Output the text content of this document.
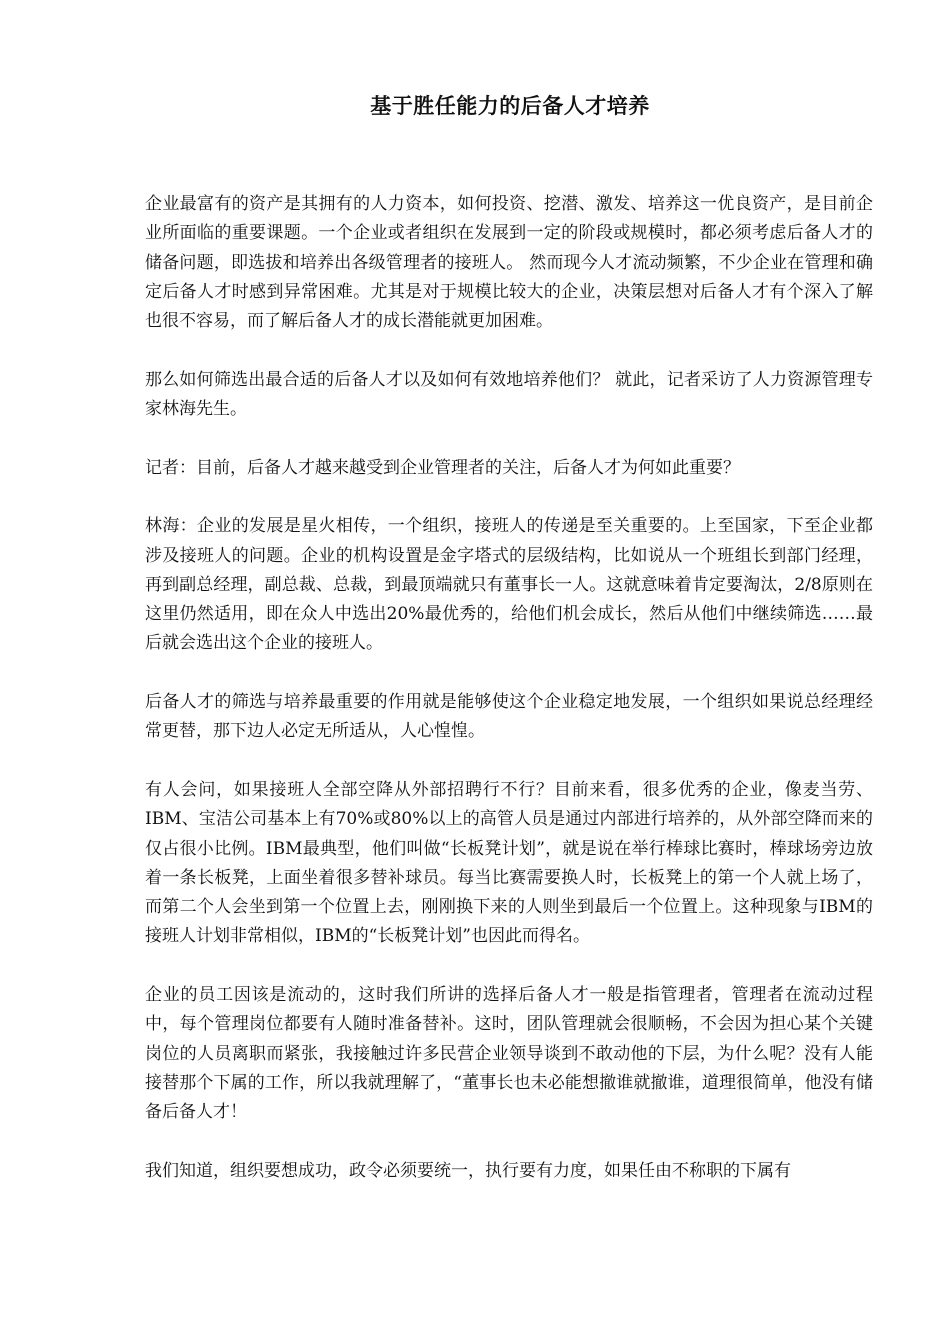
基于胜任能力的后备人才培养

企业最富有的资产是其拥有的人力资本，如何投资、挖潜、激发、培养这一优良资产，是目前企业所面临的重要课题。一个企业或者组织在发展到一定的阶段或规模时，都必须考虑后备人才的储备问题，即选拔和培养出各级管理者的接班人。 然而现今人才流动频繁，不少企业在管理和确定后备人才时感到异常困难。尤其是对于规模比较大的企业，决策层想对后备人才有个深入了解也很不容易，而了解后备人才的成长潜能就更加困难。

那么如何筛选出最合适的后备人才以及如何有效地培养他们？ 就此，记者采访了人力资源管理专家林海先生。

记者：目前，后备人才越来越受到企业管理者的关注，后备人才为何如此重要？

林海：企业的发展是星火相传，一个组织，接班人的传递是至关重要的。上至国家，下至企业都涉及接班人的问题。企业的机构设置是金字塔式的层级结构，比如说从一个班组长到部门经理，再到副总经理，副总裁、总裁，到最顶端就只有董事长一人。这就意味着肯定要淘汰，2/8原则在这里仍然适用，即在众人中选出20%最优秀的，给他们机会成长，然后从他们中继续筛选……最后就会选出这个企业的接班人。

后备人才的筛选与培养最重要的作用就是能够使这个企业稳定地发展，一个组织如果说总经理经常更替，那下边人必定无所适从，人心惶惶。

有人会问，如果接班人全部空降从外部招聘行不行？目前来看，很多优秀的企业，像麦当劳、IBM、宝洁公司基本上有70%或80%以上的高管人员是通过内部进行培养的，从外部空降而来的仅占很小比例。IBM最典型，他们叫做“长板凳计划”，就是说在举行棒球比赛时，棒球场旁边放着一条长板凳，上面坐着很多替补球员。每当比赛需要换人时，长板凳上的第一个人就上场了，而第二个人会坐到第一个位置上去，刚刚换下来的人则坐到最后一个位置上。这种现象与IBM的接班人计划非常相似，IBM的“长板凳计划”也因此而得名。

企业的员工因该是流动的，这时我们所讲的选择后备人才一般是指管理者，管理者在流动过程中，每个管理岗位都要有人随时准备替补。这时，团队管理就会很顺畅，不会因为担心某个关键岗位的人员离职而紧张，我接触过许多民营企业领导谈到不敢动他的下层，为什么呢？没有人能接替那个下属的工作，所以我就理解了，“董事长也未必能想撤谁就撤谁，道理很简单，他没有储备后备人才！

我们知道，组织要想成功，政令必须要统一，执行要有力度，如果任由不称职的下属有
